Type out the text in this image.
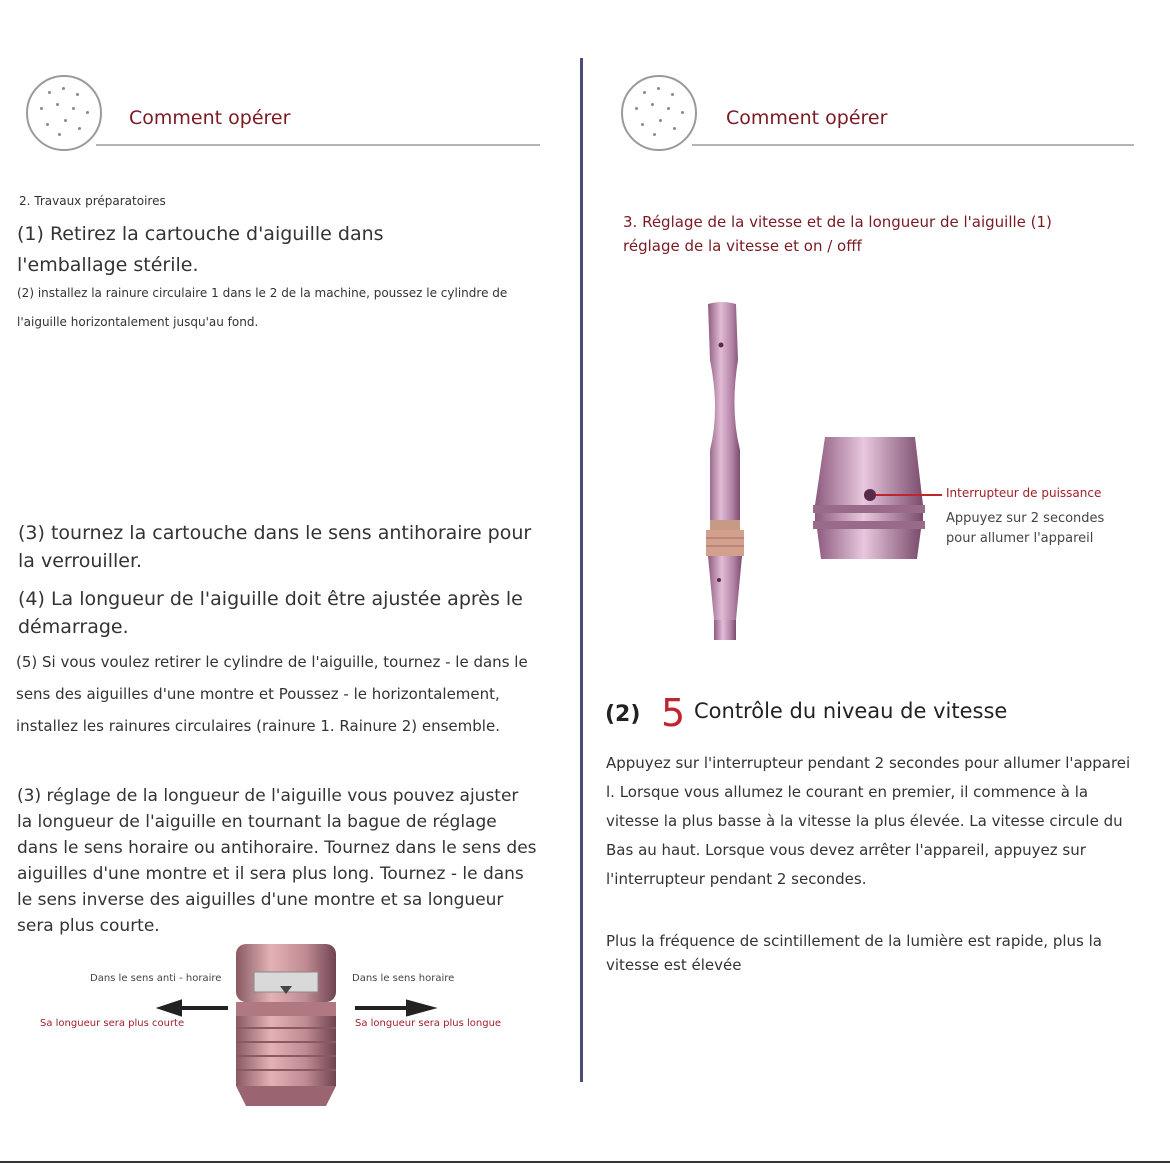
Comment opérer
2. Travaux préparatoires
(1) Retirez la cartouche d'aiguille dans
l'emballage stérile.
(2) installez la rainure circulaire 1 dans le 2 de la machine, poussez le cylindre de
l'aiguille horizontalement jusqu'au fond.
(3) tournez la cartouche dans le sens antihoraire pour
la verrouiller.
(4) La longueur de l'aiguille doit être ajustée après le
démarrage.
(5) Si vous voulez retirer le cylindre de l'aiguille, tournez - le dans le
sens des aiguilles d'une montre et Poussez - le horizontalement,
installez les rainures circulaires (rainure 1. Rainure 2) ensemble.
(3) réglage de la longueur de l'aiguille vous pouvez ajuster la longueur de l'aiguille en tournant la bague de réglage dans le sens horaire ou antihoraire. Tournez dans le sens des aiguilles d'une montre et il sera plus long. Tournez - le dans le sens inverse des aiguilles d'une montre et sa longueur sera plus courte.
Dans le sens anti - horaire
Sa longueur sera plus courte
Dans le sens horaire
Sa longueur sera plus longue
Comment opérer
3. Réglage de la vitesse et de la longueur de l'aiguille (1)
réglage de la vitesse et on / offf
Interrupteur de puissance
Appuyez sur 2 secondes
pour allumer l'appareil
(2) 5 Contrôle du niveau de vitesse
Appuyez sur l'interrupteur pendant 2 secondes pour allumer l'apparei
l. Lorsque vous allumez le courant en premier, il commence à la
vitesse la plus basse à la vitesse la plus élevée. La vitesse circule du
Bas au haut. Lorsque vous devez arrêter l'appareil, appuyez sur
l'interrupteur pendant 2 secondes.
Plus la fréquence de scintillement de la lumière est rapide, plus la
vitesse est élevée
